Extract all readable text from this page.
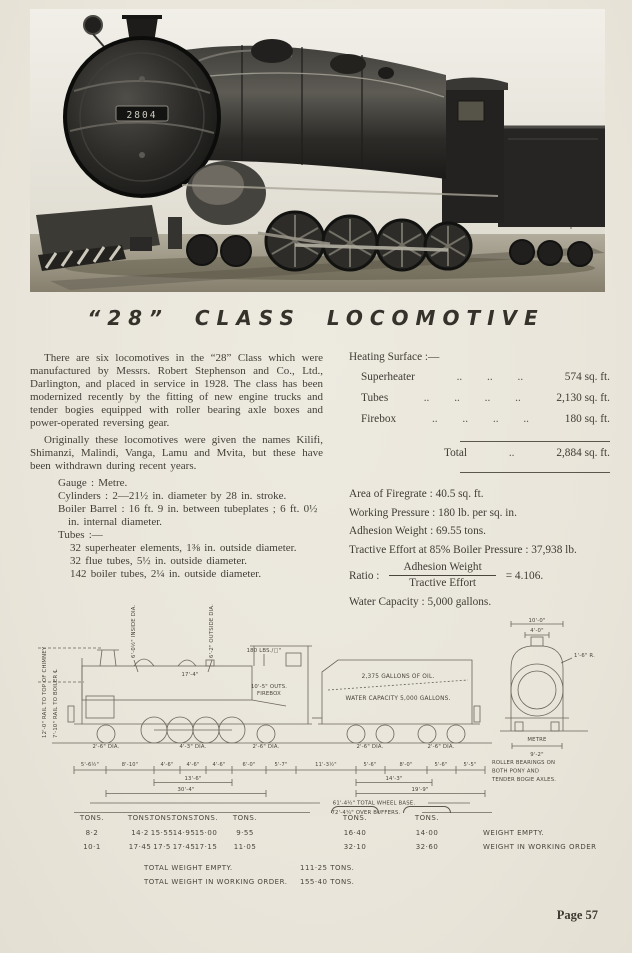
2804
“28” CLASS LOCOMOTIVE

There are six locomotives in the “28” Class which were manufactured by Messrs. Robert Stephenson and Co., Ltd., Darlington, and placed in service in 1928. The class has been modernized recently by the fitting of new engine trucks and tender bogies equipped with roller bearing axle boxes and power-operated reversing gear.

Originally these locomotives were given the names Kilifi, Shimanzi, Malindi, Vanga, Lamu and Mvita, but these have been withdrawn during recent years.

Gauge : Metre.
Cylinders : 2—21½ in. diameter by 28 in. stroke.
Boiler Barrel : 16 ft. 9 in. between tubeplates ; 6 ft. 0½ in. internal diameter.
Tubes :—
32 superheater elements, 1⅜ in. outside diameter.
32 flue tubes, 5½ in. outside diameter.
142 boiler tubes, 2¼ in. outside diameter.
Heating Surface :—
Superheater	.. .. ..	574 sq. ft.
Tubes	.. .. .. ..	2,130 sq. ft.
Firebox	.. .. .. ..	180 sq. ft.
Total	..	2,884 sq. ft.
Area of Firegrate : 40.5 sq. ft.
Working Pressure : 180 lb. per sq. in.
Adhesion Weight : 69.55 tons.
Tractive Effort at 85% Boiler Pressure : 37,938 lb.
Ratio : $\frac{\text{Adhesion Weight}}{\text{Tractive Effort}} = 4.106$.
Water Capacity : 5,000 gallons.
12'-0" RAIL TO TOP OF CHIMNEY 7'-10" RAIL TO BOILER ℄
6'-0½" INSIDE DIA.	6'-2" OUTSIDE DIA.	180 LBS./□"
17'-4"
10'-5" OUTS.
FIREBOX
2,375 GALLONS OF OIL.
WATER CAPACITY 5,000 GALLONS.
2'-6" DIA.	4'-3" DIA.	2'-6" DIA.	2'-6" DIA.	2'-6" DIA.
5'-6½"	8'-10"	4'-6"	4'-6"	4'-6"	6'-0"	5'-7"	11'-3½"	5'-6"	8'-0"	5'-6"	5'-5"
13'-6"	14'-3"
30'-4"	19'-9"
61'-4½" TOTAL WHEEL BASE.
72'-4¼" OVER BUFFERS.
10'-0"
4'-0"
1'-6" R.
METRE
9'-2"
ROLLER BEARINGS ON
BOTH PONY AND
TENDER BOGIE AXLES.
TONS.	TONS.
TONS.
TONS.
TONS. TONS.	TONS.	TONS.
8·2	14·2 15·55 14·95 15·00	9·55	16·40	14·00	WEIGHT EMPTY.
10·1	17·45 17·5 17·45 17·15 11·05	32·10	32·60	WEIGHT IN WORKING ORDER
TOTAL WEIGHT EMPTY.	111·25 TONS.
TOTAL WEIGHT IN WORKING ORDER. 155·40 TONS.
Page 57
